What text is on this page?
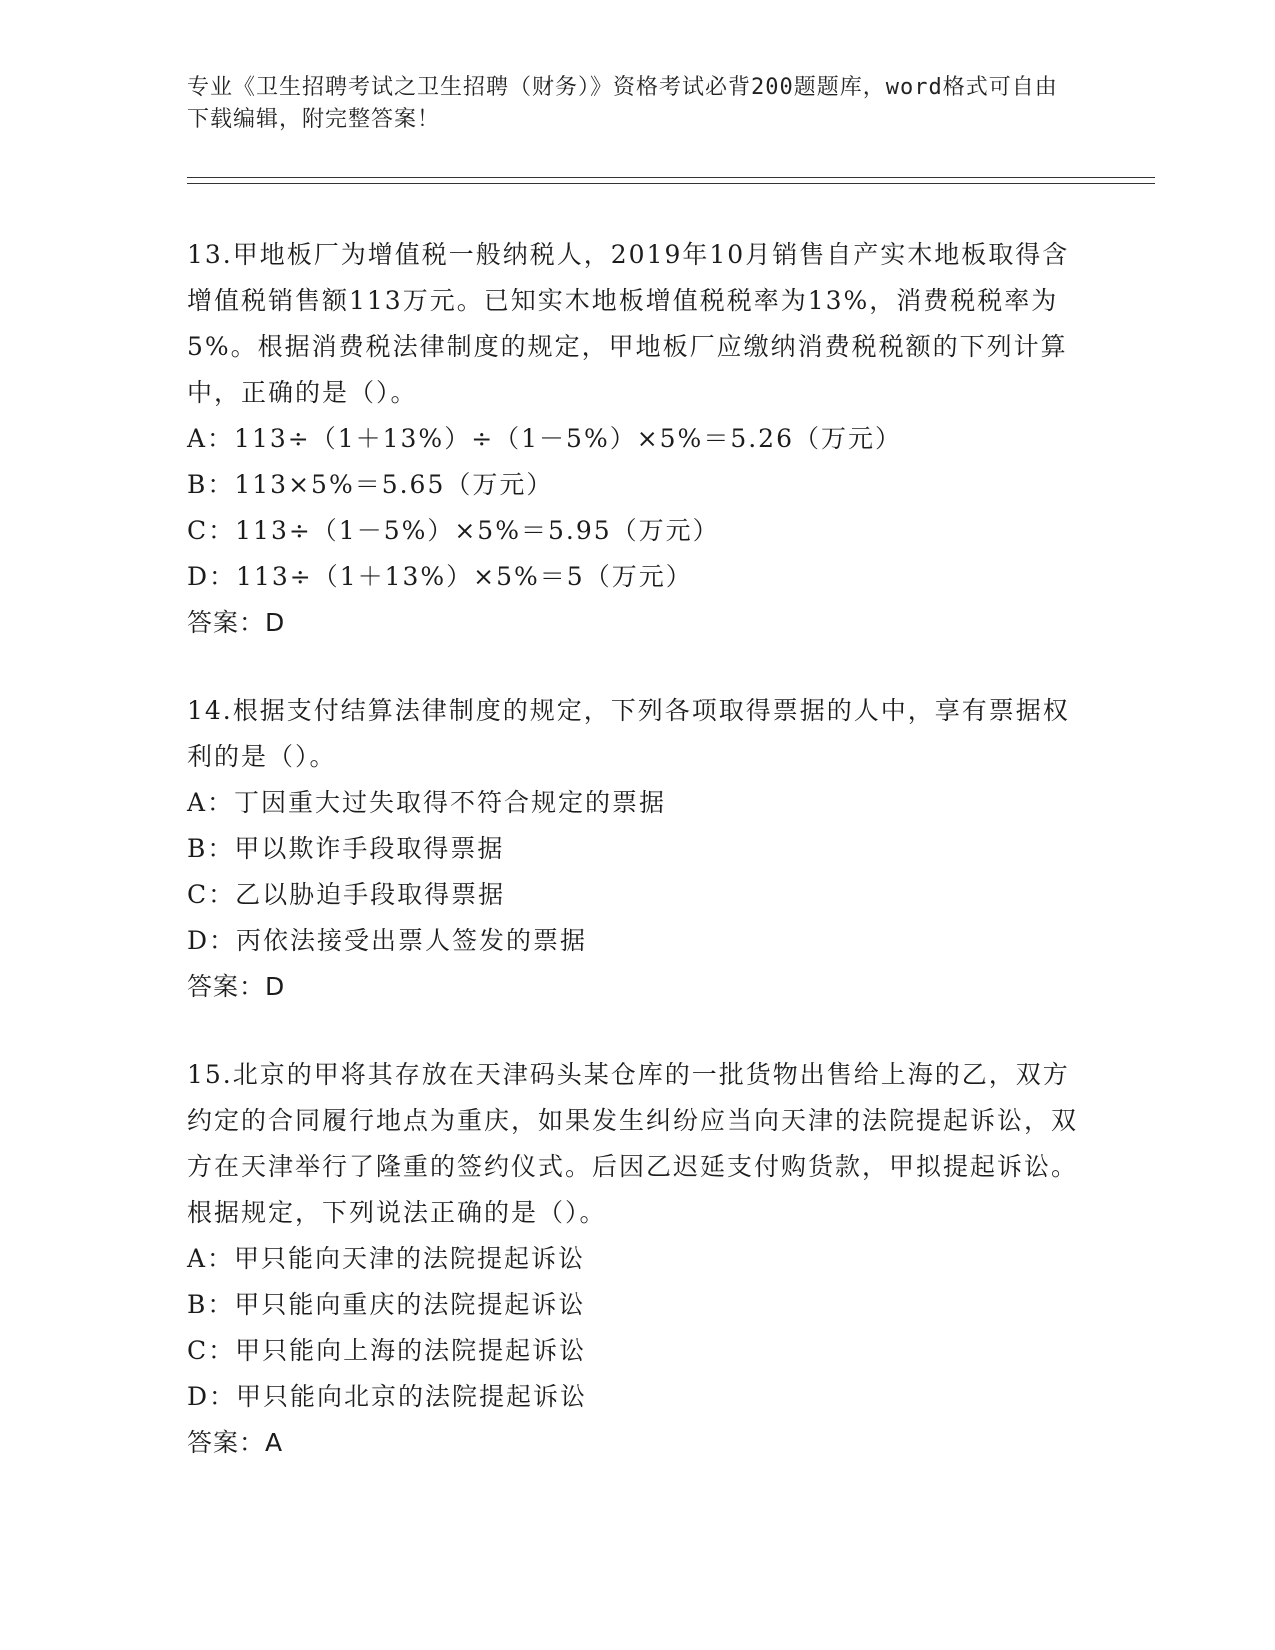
专业《卫生招聘考试之卫生招聘（财务）》资格考试必背200题题库，word格式可自由下载编辑，附完整答案！

13.甲地板厂为增值税一般纳税人，2019年10月销售自产实木地板取得含增值税销售额113万元。已知实木地板增值税税率为13%，消费税税率为5%。根据消费税法律制度的规定，甲地板厂应缴纳消费税税额的下列计算中，正确的是（）。

A：113÷（1＋13%）÷（1－5%）×5%＝5.26（万元）

B：113×5%＝5.65（万元）

C：113÷（1－5%）×5%＝5.95（万元）

D：113÷（1＋13%）×5%＝5（万元）

答案：D

14.根据支付结算法律制度的规定，下列各项取得票据的人中，享有票据权利的是（）。

A：丁因重大过失取得不符合规定的票据

B：甲以欺诈手段取得票据

C：乙以胁迫手段取得票据

D：丙依法接受出票人签发的票据

答案：D

15.北京的甲将其存放在天津码头某仓库的一批货物出售给上海的乙，双方约定的合同履行地点为重庆，如果发生纠纷应当向天津的法院提起诉讼，双方在天津举行了隆重的签约仪式。后因乙迟延支付购货款，甲拟提起诉讼。根据规定，下列说法正确的是（）。

A：甲只能向天津的法院提起诉讼

B：甲只能向重庆的法院提起诉讼

C：甲只能向上海的法院提起诉讼

D：甲只能向北京的法院提起诉讼

答案：A
